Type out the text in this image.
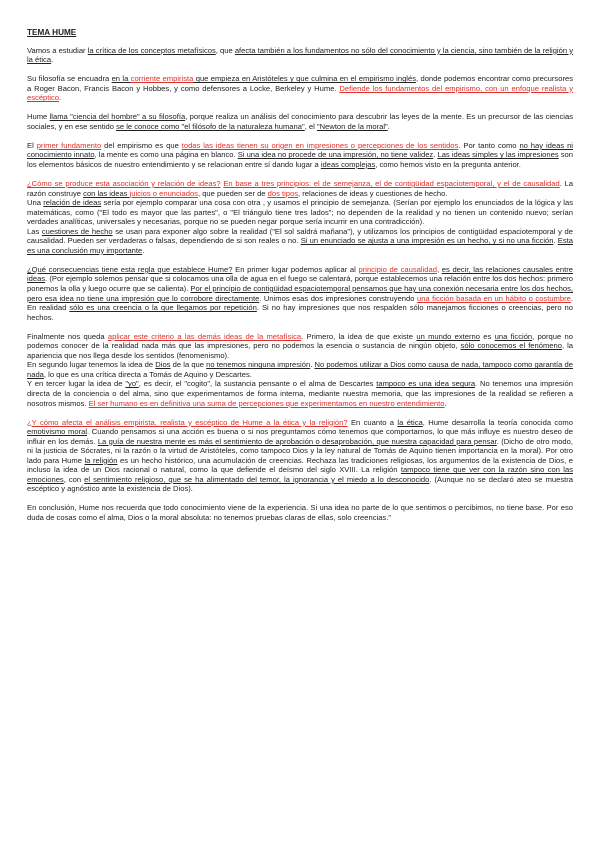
TEMA HUME

Vamos a estudiar la crítica de los conceptos metafísicos, que afecta también a los fundamentos no sólo del conocimiento y la ciencia, sino también de la religión y la ética.

Su filosofía se encuadra en la corriente empirista que empieza en Aristóteles y que culmina en el empirismo inglés, donde podemos encontrar como precursores a Roger Bacon, Francis Bacon y Hobbes, y como defensores a Locke, Berkeley y Hume. Defiende los fundamentos del empirismo, con un enfoque realista y escéptico.

Hume llama "ciencia del hombre" a su filosofía, porque realiza un análisis del conocimiento para descubrir las leyes de la mente. Es un precursor de las ciencias sociales, y en ese sentido se le conoce como "el filósofo de la naturaleza humana", el "Newton de la moral".

El primer fundamento del empirismo es que todas las ideas tienen su origen en impresiones o percepciones de los sentidos. Por tanto como no hay ideas ni conocimiento innato, la mente es como una página en blanco. Si una idea no procede de una impresión, no tiene validez. Las ideas simples y las impresiones son los elementos básicos de nuestro entendimiento y se relacionan entre sí dando lugar a ideas complejas, como hemos visto en la pregunta anterior.

¿Cómo se produce esta asociación y relación de ideas? En base a tres principios: el de semejanza, el de contigüidad espaciotemporal, y el de causalidad. La razón construye con las ideas juicios o enunciados, que pueden ser de dos tipos, relaciones de ideas y cuestiones de hecho.

Una relación de ideas sería por ejemplo comparar una cosa con otra , y usamos el principio de semejanza. (Serían por ejemplo los enunciados de la lógica y las matemáticas, como ("El todo es mayor que las partes", o "El triángulo tiene tres lados"; no dependen de la realidad y no tienen un contenido nuevo; serían verdades analíticas, universales y necesarias, porque no se pueden negar porque sería incurrir en una contradicción).

Las cuestiones de hecho se usan para exponer algo sobre la realidad ("El sol saldrá mañana"), y utilizamos los principios de contigüidad espaciotemporal y de causalidad. Pueden ser verdaderas o falsas, dependiendo de si son reales o no. Si un enunciado se ajusta a una impresión es un hecho, y si no una ficción. Esta es una conclusión muy importante.

¿Qué consecuencias tiene esta regla que establece Hume? En primer lugar podemos aplicar al principio de causalidad, es decir, las relaciones causales entre ideas. (Por ejemplo solemos pensar que si colocamos una olla de agua en el fuego se calentará, porque establecemos una relación entre los dos hechos: primero ponemos la olla y luego ocurre que se calienta). Por el principio de contigüidad espaciotemporal pensamos que hay una conexión necesaria entre los dos hechos, pero esa idea no tiene una impresión que lo corrobore directamente. Unimos esas dos impresiones construyendo una ficción basada en un hábito o costumbre. En realidad sólo es una creencia o la que llegamos por repetición. Si no hay impresiones que nos respalden sólo manejamos ficciones o creencias, pero no hechos.

Finalmente nos queda aplicar este criterio a las demás ideas de la metafísica. Primero, la idea de que existe un mundo externo es una ficción, porque no podemos conocer de la realidad nada más que las impresiones, pero no podemos la esencia o sustancia de ningún objeto, sólo conocemos el fenómeno, la apariencia que nos llega desde los sentidos (fenomenismo).

En segundo lugar tenemos la idea de Dios de la que no tenemos ninguna impresión. No podemos utilizar a Dios como causa de nada, tampoco como garantía de nada, lo que es una crítica directa a Tomás de Aquino y Descartes.

Y en tercer lugar la idea de "yo", es decir, el "cogito", la sustancia pensante o el alma de Descartes tampoco es una idea segura. No tenemos una impresión directa de la conciencia o del alma, sino que experimentamos de forma interna, mediante nuestra memoria, que las impresiones de la realidad se refieren a nosotros mismos. El ser humano es en definitiva una suma de percepciones que experimentamos en nuestro entendimiento.

¿Y cómo afecta el análisis empirista, realista y escéptico de Hume a la ética y la religión? En cuanto a la ética, Hume desarrolla la teoría conocida como emotivismo moral. Cuando pensamos si una acción es buena o si nos preguntamos cómo tenemos que comportarnos, lo que más influye es nuestro deseo de influir en los demás. La guía de nuestra mente es más el sentimiento de aprobación o desaprobación, que nuestra capacidad para pensar. (Dicho de otro modo, ni la justicia de Sócrates, ni la razón o la virtud de Aristóteles, como tampoco Dios y la ley natural de Tomás de Aquino tienen importancia en la moral). Por otro lado para Hume la religión es un hecho histórico, una acumulación de creencias. Rechaza las tradiciones religiosas, los argumentos de la existencia de Dios, e incluso la idea de un Dios racional o natural, como la que defiende el deísmo del siglo XVIII. La religión tampoco tiene que ver con la razón sino con las emociones, con el sentimiento religioso, que se ha alimentado del temor, la ignorancia y el miedo a lo desconocido. (Aunque no se declaró ateo se muestra escéptico y agnóstico ante la existencia de Dios).

En conclusión, Hume nos recuerda que todo conocimiento viene de la experiencia. Si una idea no parte de lo que sentimos o percibimos, no tiene base. Por eso duda de cosas como el alma, Dios o la moral absoluta: no tenemos pruebas claras de ellas, solo creencias."
